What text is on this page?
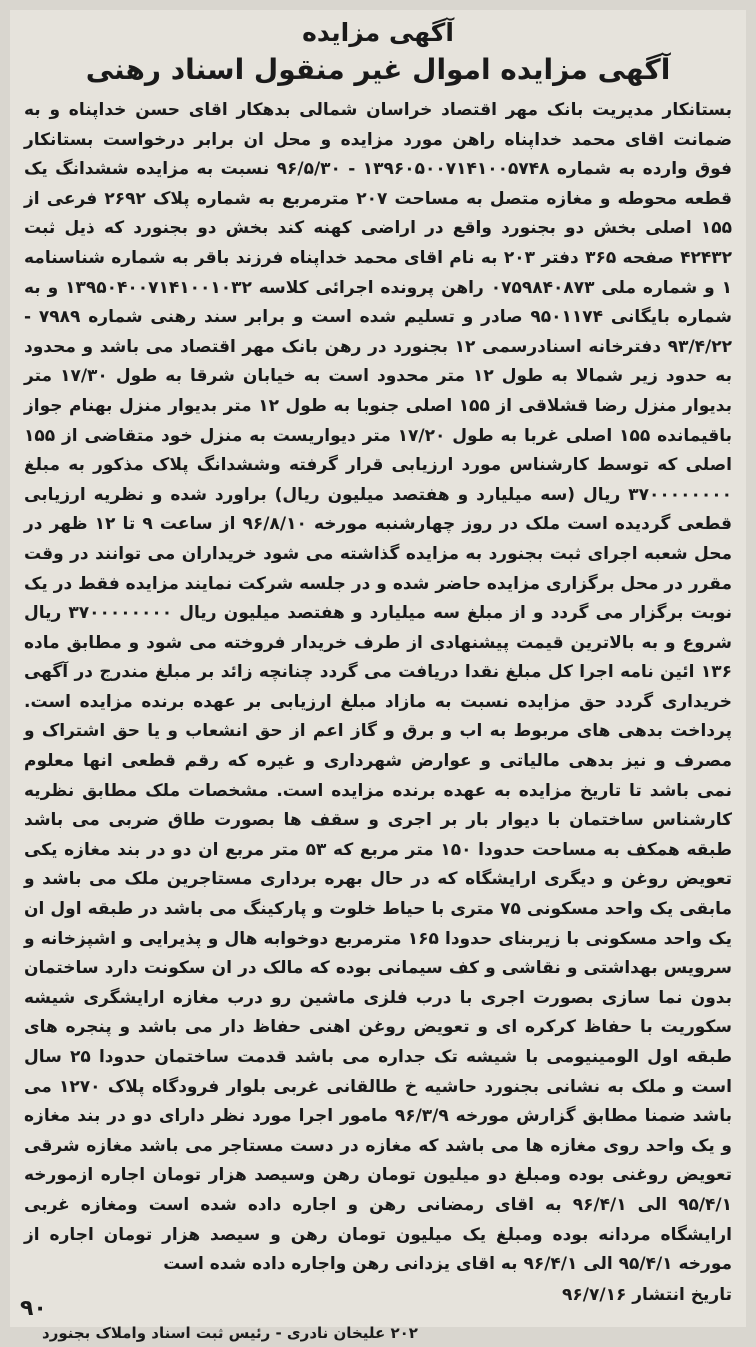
آگهی مزایده
آگهی مزایده اموال غیر منقول اسناد رهنی

بستانکار مدیریت بانک مهر اقتصاد خراسان شمالی بدهکار اقای حسن خداپناه و به ضمانت اقای محمد خداپناه راهن مورد مزایده و محل ان برابر درخواست بستانکار فوق وارده به شماره ۱۳۹۶۰۵۰۰۷۱۴۱۰۰۵۷۴۸ - ۹۶/۵/۳۰ نسبت به مزایده ششدانگ یک قطعه محوطه و مغازه متصل به مساحت ۲۰۷ مترمربع به شماره پلاک ۲۶۹۲ فرعی از ۱۵۵ اصلی بخش دو بجنورد واقع در اراضی کهنه کند بخش دو بجنورد که ذیل ثبت ۴۲۴۳۲ صفحه ۳۶۵ دفتر ۲۰۳ به نام اقای محمد خداپناه فرزند باقر به شماره شناسنامه ۱ و شماره ملی ۰۷۵۹۸۴۰۸۷۳ راهن پرونده اجرائی کلاسه ۱۳۹۵۰۴۰۰۷۱۴۱۰۰۱۰۳۲ و به شماره بایگانی ۹۵۰۱۱۷۴ صادر و تسلیم شده است و برابر سند رهنی شماره ۷۹۸۹ - ۹۳/۴/۲۲ دفترخانه اسنادرسمی ۱۲ بجنورد در رهن بانک مهر اقتصاد می باشد و محدود به حدود زیر شمالا به طول ۱۲ متر محدود است به خیابان شرقا به طول ۱۷/۳۰ متر بدیوار منزل رضا قشلاقی از ۱۵۵ اصلی جنوبا به طول ۱۲ متر بدیوار منزل بهنام جواز باقیمانده ۱۵۵ اصلی غربا به طول ۱۷/۲۰ متر دیواریست به منزل خود متقاضی از ۱۵۵ اصلی که توسط کارشناس مورد ارزیابی قرار گرفته وششدانگ پلاک مذکور به مبلغ ۳۷۰۰۰۰۰۰۰۰ ریال (سه میلیارد و هفتصد میلیون ریال) براورد شده و نظریه ارزیابی قطعی گردیده است ملک در روز چهارشنبه مورخه ۹۶/۸/۱۰ از ساعت ۹ تا ۱۲ ظهر در محل شعبه اجرای ثبت بجنورد به مزایده گذاشته می شود خریداران می توانند در وقت مقرر در محل برگزاری مزایده حاضر شده و در جلسه شرکت نمایند مزایده فقط در یک نوبت برگزار می گردد و از مبلغ سه میلیارد و هفتصد میلیون ریال ۳۷۰۰۰۰۰۰۰۰ ریال شروع و به بالاترین قیمت پیشنهادی از طرف خریدار فروخته می شود و مطابق ماده ۱۳۶ ائین نامه اجرا کل مبلغ نقدا دریافت می گردد چنانچه زائد بر مبلغ مندرج در آگهی خریداری گردد حق مزایده نسبت به مازاد مبلغ ارزیابی بر عهده برنده مزایده است. پرداخت بدهی های مربوط به اب و برق و گاز اعم از حق انشعاب و یا حق اشتراک و مصرف و نیز بدهی مالیاتی و عوارض شهرداری و غیره که رقم قطعی انها معلوم نمی باشد تا تاریخ مزایده به عهده برنده مزایده است. مشخصات ملک مطابق نظریه کارشناس ساختمان با دیوار بار بر اجری و سقف ها بصورت طاق ضربی می باشد طبقه همکف به مساحت حدودا ۱۵۰ متر مربع که ۵۳ متر مربع ان دو در بند مغازه یکی تعویض روغن و دیگری ارایشگاه که در حال بهره برداری مستاجرین ملک می باشد و مابقی یک واحد مسکونی ۷۵ متری با حیاط خلوت و پارکینگ می باشد در طبقه اول ان یک واحد مسکونی با زیربنای حدودا ۱۶۵ مترمربع دوخوابه هال و پذیرایی و اشپزخانه و سرویس بهداشتی و نقاشی و کف سیمانی بوده که مالک در ان سکونت دارد ساختمان بدون نما سازی بصورت اجری با درب فلزی ماشین رو درب مغازه ارایشگری شیشه سکوریت با حفاظ کرکره ای و تعویض روغن اهنی حفاظ دار می باشد و پنجره های طبقه اول الومینیومی با شیشه تک جداره می باشد قدمت ساختمان حدودا ۲۵ سال است و ملک به نشانی بجنورد حاشیه خ طالقانی غربی بلوار فرودگاه پلاک ۱۲۷۰ می باشد ضمنا مطابق گزارش مورخه ۹۶/۳/۹ مامور اجرا مورد نظر دارای دو در بند مغازه و یک واحد روی مغازه ها می باشد که مغازه در دست مستاجر می باشد مغازه شرقی تعویض روغنی بوده ومبلغ دو میلیون تومان رهن وسیصد هزار تومان اجاره ازمورخه ۹۵/۴/۱ الی ۹۶/۴/۱ به اقای رمضانی رهن و اجاره داده شده است ومغازه غربی ارایشگاه مردانه بوده ومبلغ یک میلیون تومان رهن و سیصد هزار تومان اجاره از مورخه ۹۵/۴/۱ الی ۹۶/۴/۱ به اقای یزدانی رهن واجاره داده شده است

تاریخ انتشار ۹۶/۷/۱۶
۲۰۲ علیخان نادری - رئیس ثبت اسناد واملاک بجنورد
۹۰
